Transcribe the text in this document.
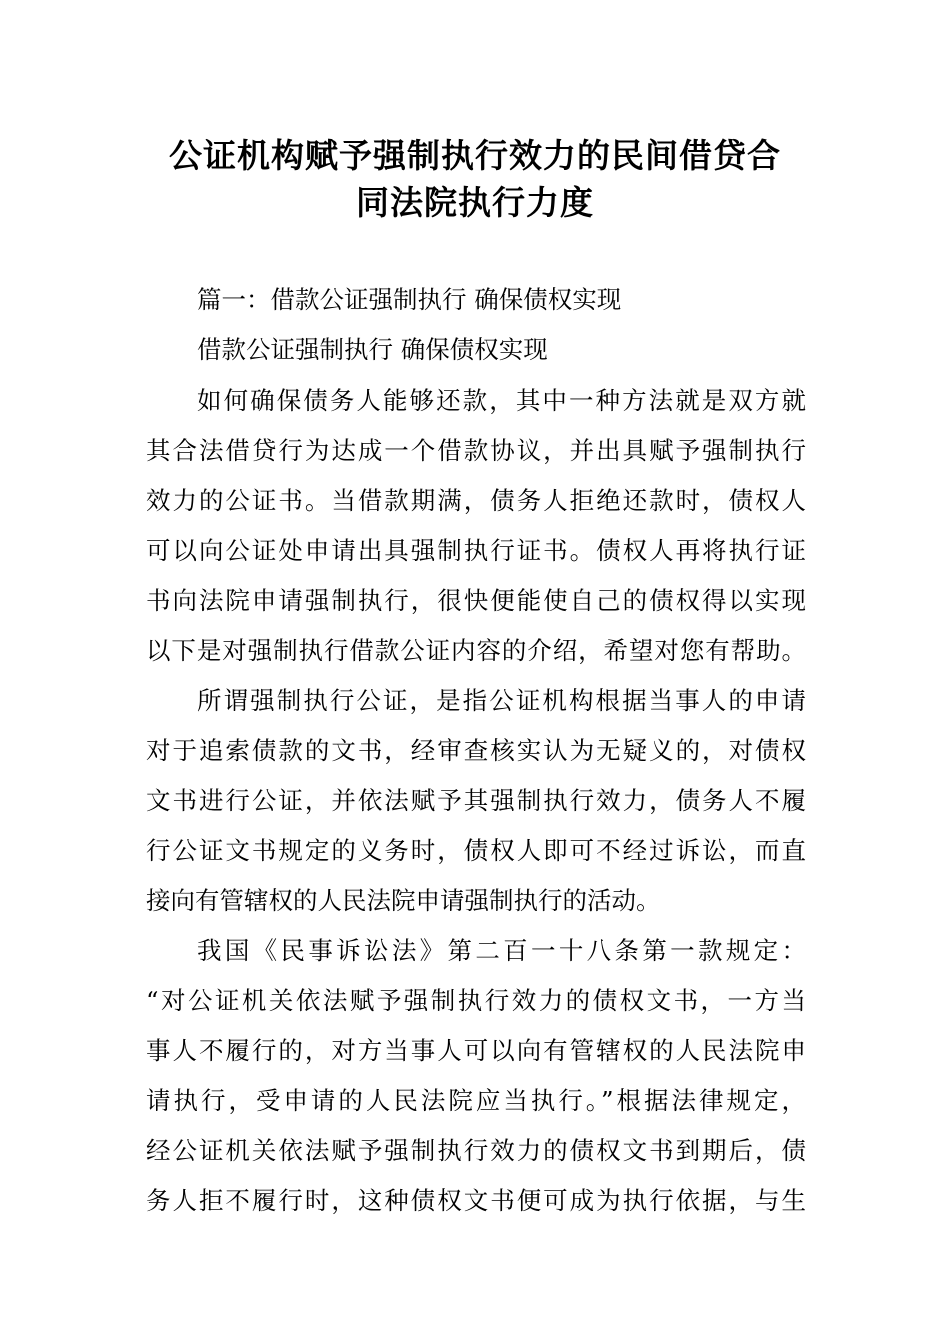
公证机构赋予强制执行效力的民间借贷合
同法院执行力度
篇一：借款公证强制执行 确保债权实现
借款公证强制执行 确保债权实现
如何确保债务人能够还款，其中一种方法就是双方就
其合法借贷行为达成一个借款协议，并出具赋予强制执行
效力的公证书。当借款期满，债务人拒绝还款时，债权人
可以向公证处申请出具强制执行证书。债权人再将执行证
书向法院申请强制执行，很快便能使自己的债权得以实现
以下是对强制执行借款公证内容的介绍，希望对您有帮助。
所谓强制执行公证，是指公证机构根据当事人的申请
对于追索债款的文书，经审查核实认为无疑义的，对债权
文书进行公证，并依法赋予其强制执行效力，债务人不履
行公证文书规定的义务时，债权人即可不经过诉讼，而直
接向有管辖权的人民法院申请强制执行的活动。
我国《民事诉讼法》第二百一十八条第一款规定：
“对公证机关依法赋予强制执行效力的债权文书，一方当
事人不履行的，对方当事人可以向有管辖权的人民法院申
请执行，受申请的人民法院应当执行。”根据法律规定，
经公证机关依法赋予强制执行效力的债权文书到期后，债
务人拒不履行时，这种债权文书便可成为执行依据，与生
